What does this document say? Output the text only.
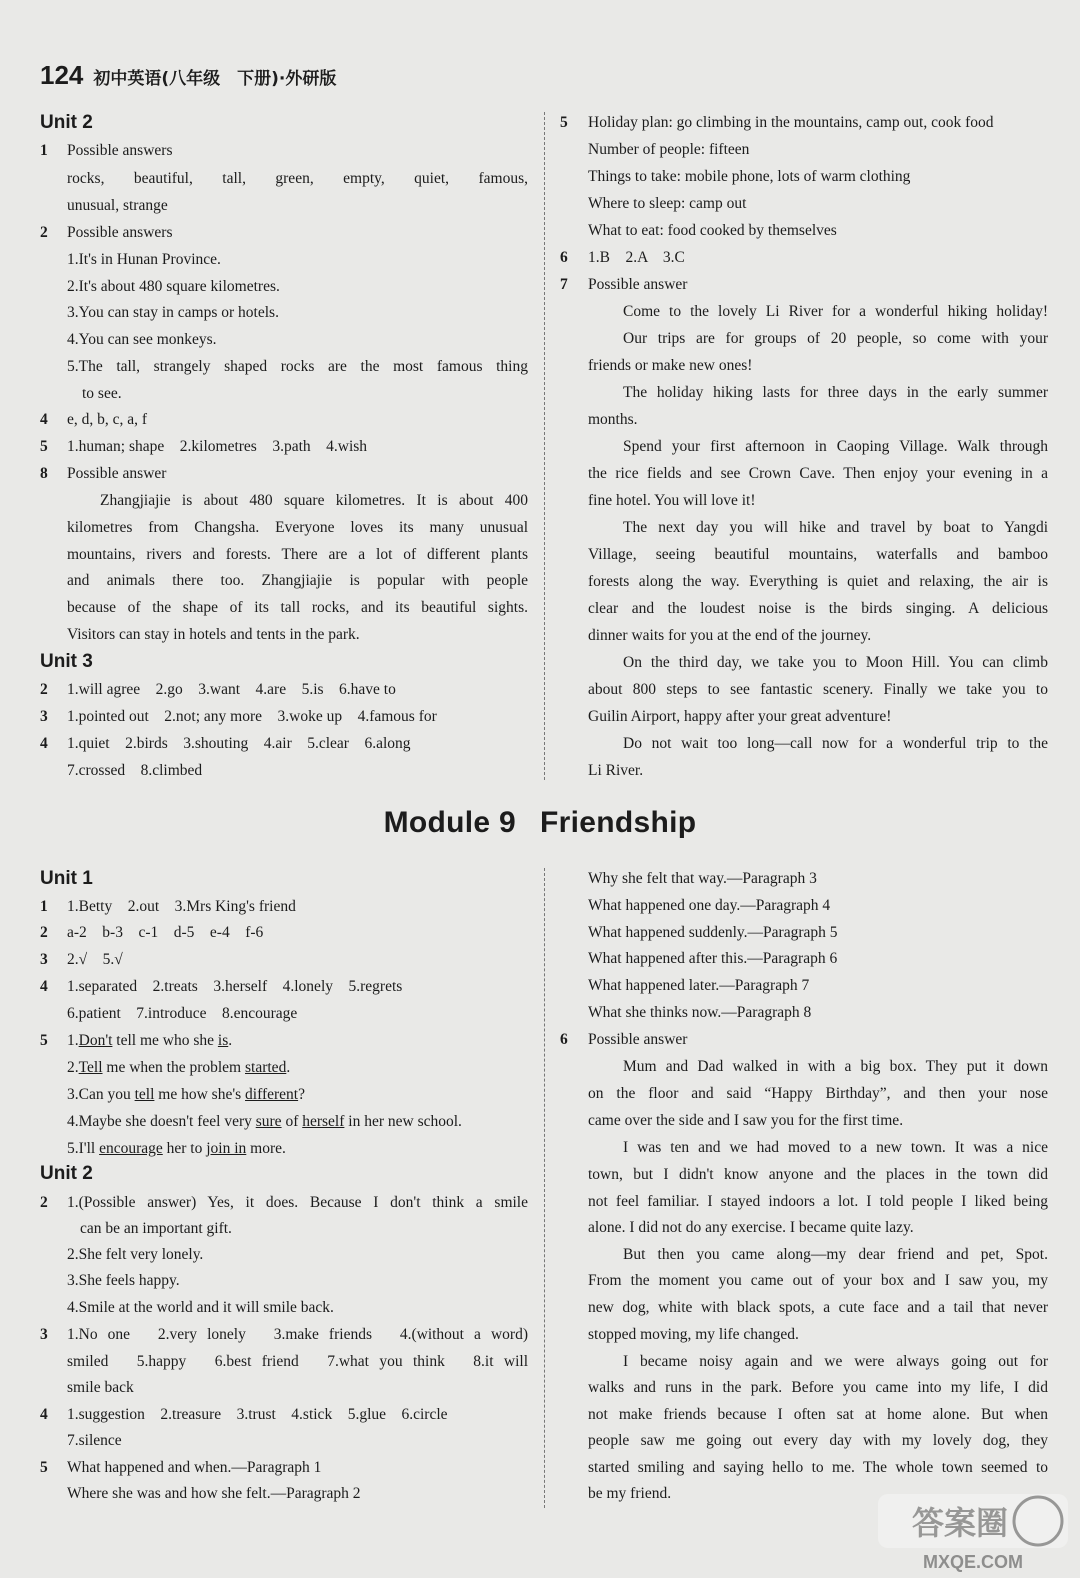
124 初中英语(八年级　下册)·外研版
Unit 2
1 Possible answers
rocks, beautiful, tall, green, empty, quiet, famous,
unusual, strange
2 Possible answers
1.It's in Hunan Province.
2.It's about 480 square kilometres.
3.You can stay in camps or hotels.
4.You can see monkeys.
5.The tall, strangely shaped rocks are the most famous thing
to see.
4 e, d, b, c, a, f
5 1.human; shape　2.kilometres　3.path　4.wish
8 Possible answer
Zhangjiajie is about 480 square kilometres. It is about 400
kilometres from Changsha. Everyone loves its many unusual
mountains, rivers and forests. There are a lot of different plants
and animals there too. Zhangjiajie is popular with people
because of the shape of its tall rocks, and its beautiful sights.
Visitors can stay in hotels and tents in the park.
Unit 3
2 1.will agree　2.go　3.want　4.are　5.is　6.have to
3 1.pointed out　2.not; any more　3.woke up　4.famous for
4 1.quiet　2.birds　3.shouting　4.air　5.clear　6.along
7.crossed　8.climbed
5 Holiday plan: go climbing in the mountains, camp out, cook food
Number of people: fifteen
Things to take: mobile phone, lots of warm clothing
Where to sleep: camp out
What to eat: food cooked by themselves
6 1.B　2.A　3.C
7 Possible answer
Come to the lovely Li River for a wonderful hiking holiday!
Our trips are for groups of 20 people, so come with your
friends or make new ones!
The holiday hiking lasts for three days in the early summer
months.
Spend your first afternoon in Caoping Village. Walk through
the rice fields and see Crown Cave. Then enjoy your evening in a
fine hotel. You will love it!
The next day you will hike and travel by boat to Yangdi
Village, seeing beautiful mountains, waterfalls and bamboo
forests along the way. Everything is quiet and relaxing, the air is
clear and the loudest noise is the birds singing. A delicious
dinner waits for you at the end of the journey.
On the third day, we take you to Moon Hill. You can climb
about 800 steps to see fantastic scenery. Finally we take you to
Guilin Airport, happy after your great adventure!
Do not wait too long—call now for a wonderful trip to the
Li River.
Module 9 Friendship
Unit 1
1 1.Betty　2.out　3.Mrs King's friend
2 a-2　b-3　c-1　d-5　e-4　f-6
3 2.√　5.√
4 1.separated　2.treats　3.herself　4.lonely　5.regrets
6.patient　7.introduce　8.encourage
5 1.Don't tell me who she is.
2.Tell me when the problem started.
3.Can you tell me how she's different?
4.Maybe she doesn't feel very sure of herself in her new school.
5.I'll encourage her to join in more.
Unit 2
2 1.(Possible answer) Yes, it does. Because I don't think a smile
can be an important gift.
2.She felt very lonely.
3.She feels happy.
4.Smile at the world and it will smile back.
3 1.No one　2.very lonely　3.make friends　4.(without a word)
smiled　5.happy　6.best friend　7.what you think　8.it will
smile back
4 1.suggestion　2.treasure　3.trust　4.stick　5.glue　6.circle
7.silence
5 What happened and when.—Paragraph 1
Where she was and how she felt.—Paragraph 2
Why she felt that way.—Paragraph 3
What happened one day.—Paragraph 4
What happened suddenly.—Paragraph 5
What happened after this.—Paragraph 6
What happened later.—Paragraph 7
What she thinks now.—Paragraph 8
6 Possible answer
Mum and Dad walked in with a big box. They put it down
on the floor and said “Happy Birthday”, and then your nose
came over the side and I saw you for the first time.
I was ten and we had moved to a new town. It was a nice
town, but I didn't know anyone and the places in the town did
not feel familiar. I stayed indoors a lot. I told people I liked being
alone. I did not do any exercise. I became quite lazy.
But then you came along—my dear friend and pet, Spot.
From the moment you came out of your box and I saw you, my
new dog, white with black spots, a cute face and a tail that never
stopped moving, my life changed.
I became noisy again and we were always going out for
walks and runs in the park. Before you came into my life, I did
not make friends because I often sat at home alone. But when
people saw me going out every day with my lovely dog, they
started smiling and saying hello to me. The whole town seemed to
be my friend.
答案圈
MXQE.COM
